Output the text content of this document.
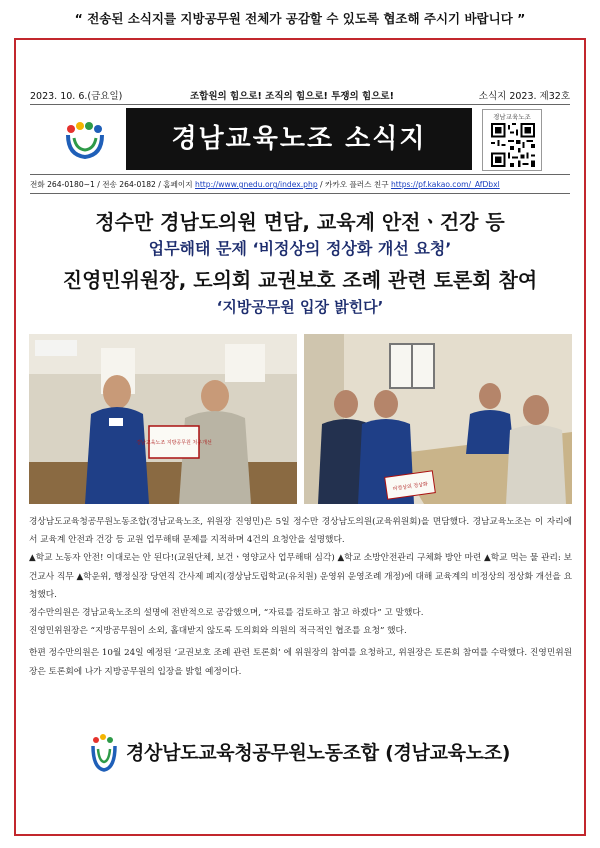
“ 전송된 소식지를 지방공무원 전체가 공감할 수 있도록 협조해 주시기 바랍니다 ”
2023. 10. 6.(금요일)	조합원의 힘으로! 조직의 힘으로! 투쟁의 힘으로!	소식지 2023. 제32호
경남교육노조 소식지
경남교육노조
전화 264-0180~1 / 전송 264-0182 / 홈페이지 http://www.gnedu.org/index.php / 카카오 플러스 친구 https://pf.kakao.com/_AfDbxl
정수만 경남도의원 면담, 교육계 안전ㆍ건강 등
업무해태 문제 ‘비정상의 정상화 개선 요청’
진영민위원장, 도의회 교권보호 조례 관련 토론회 참여
‘지방공무원 입장 밝힌다’
경남교육노조 지방공무원 처우개선
비정상의 정상화

경상남도교육청공무원노동조합(경남교육노조, 위원장 진영민)은 5일 정수만 경상남도의원(교육위원회)을 면담했다. 경남교육노조는 이 자리에서 교육계 안전과 건강 등 교원 업무해태 문제를 지적하며 4건의 요청안을 설명했다.

▲학교 노동자 안전! 이대로는 안 된다!(교원단체, 보건ㆍ영양교사 업무해태 심각) ▲학교 소방안전관리 구체화 방안 마련 ▲학교 먹는 물 관리: 보건교사 직무 ▲학운위, 행정실장 당연직 간사제 폐지(경상남도립학교(유치원) 운영위 운영조례 개정)에 대해 교육계의 비정상의 정상화 개선을 요청했다.

정수만의원은 경남교육노조의 설명에 전반적으로 공감했으며, “자료를 검토하고 참고 하겠다” 고 말했다.

진영민위원장은 “지방공무원이 소외, 홀대받지 않도록 도의회와 의원의 적극적인 협조를 요청” 했다.

한편 정수만의원은 10월 24일 예정된 ‘교권보호 조례 관련 토론회’ 에 위원장의 참여를 요청하고, 위원장은 토론회 참여를 수락했다. 진영민위원장은 토론회에 나가 지방공무원의 입장을 밝힐 예정이다.

경상남도교육청공무원노동조합 (경남교육노조)
